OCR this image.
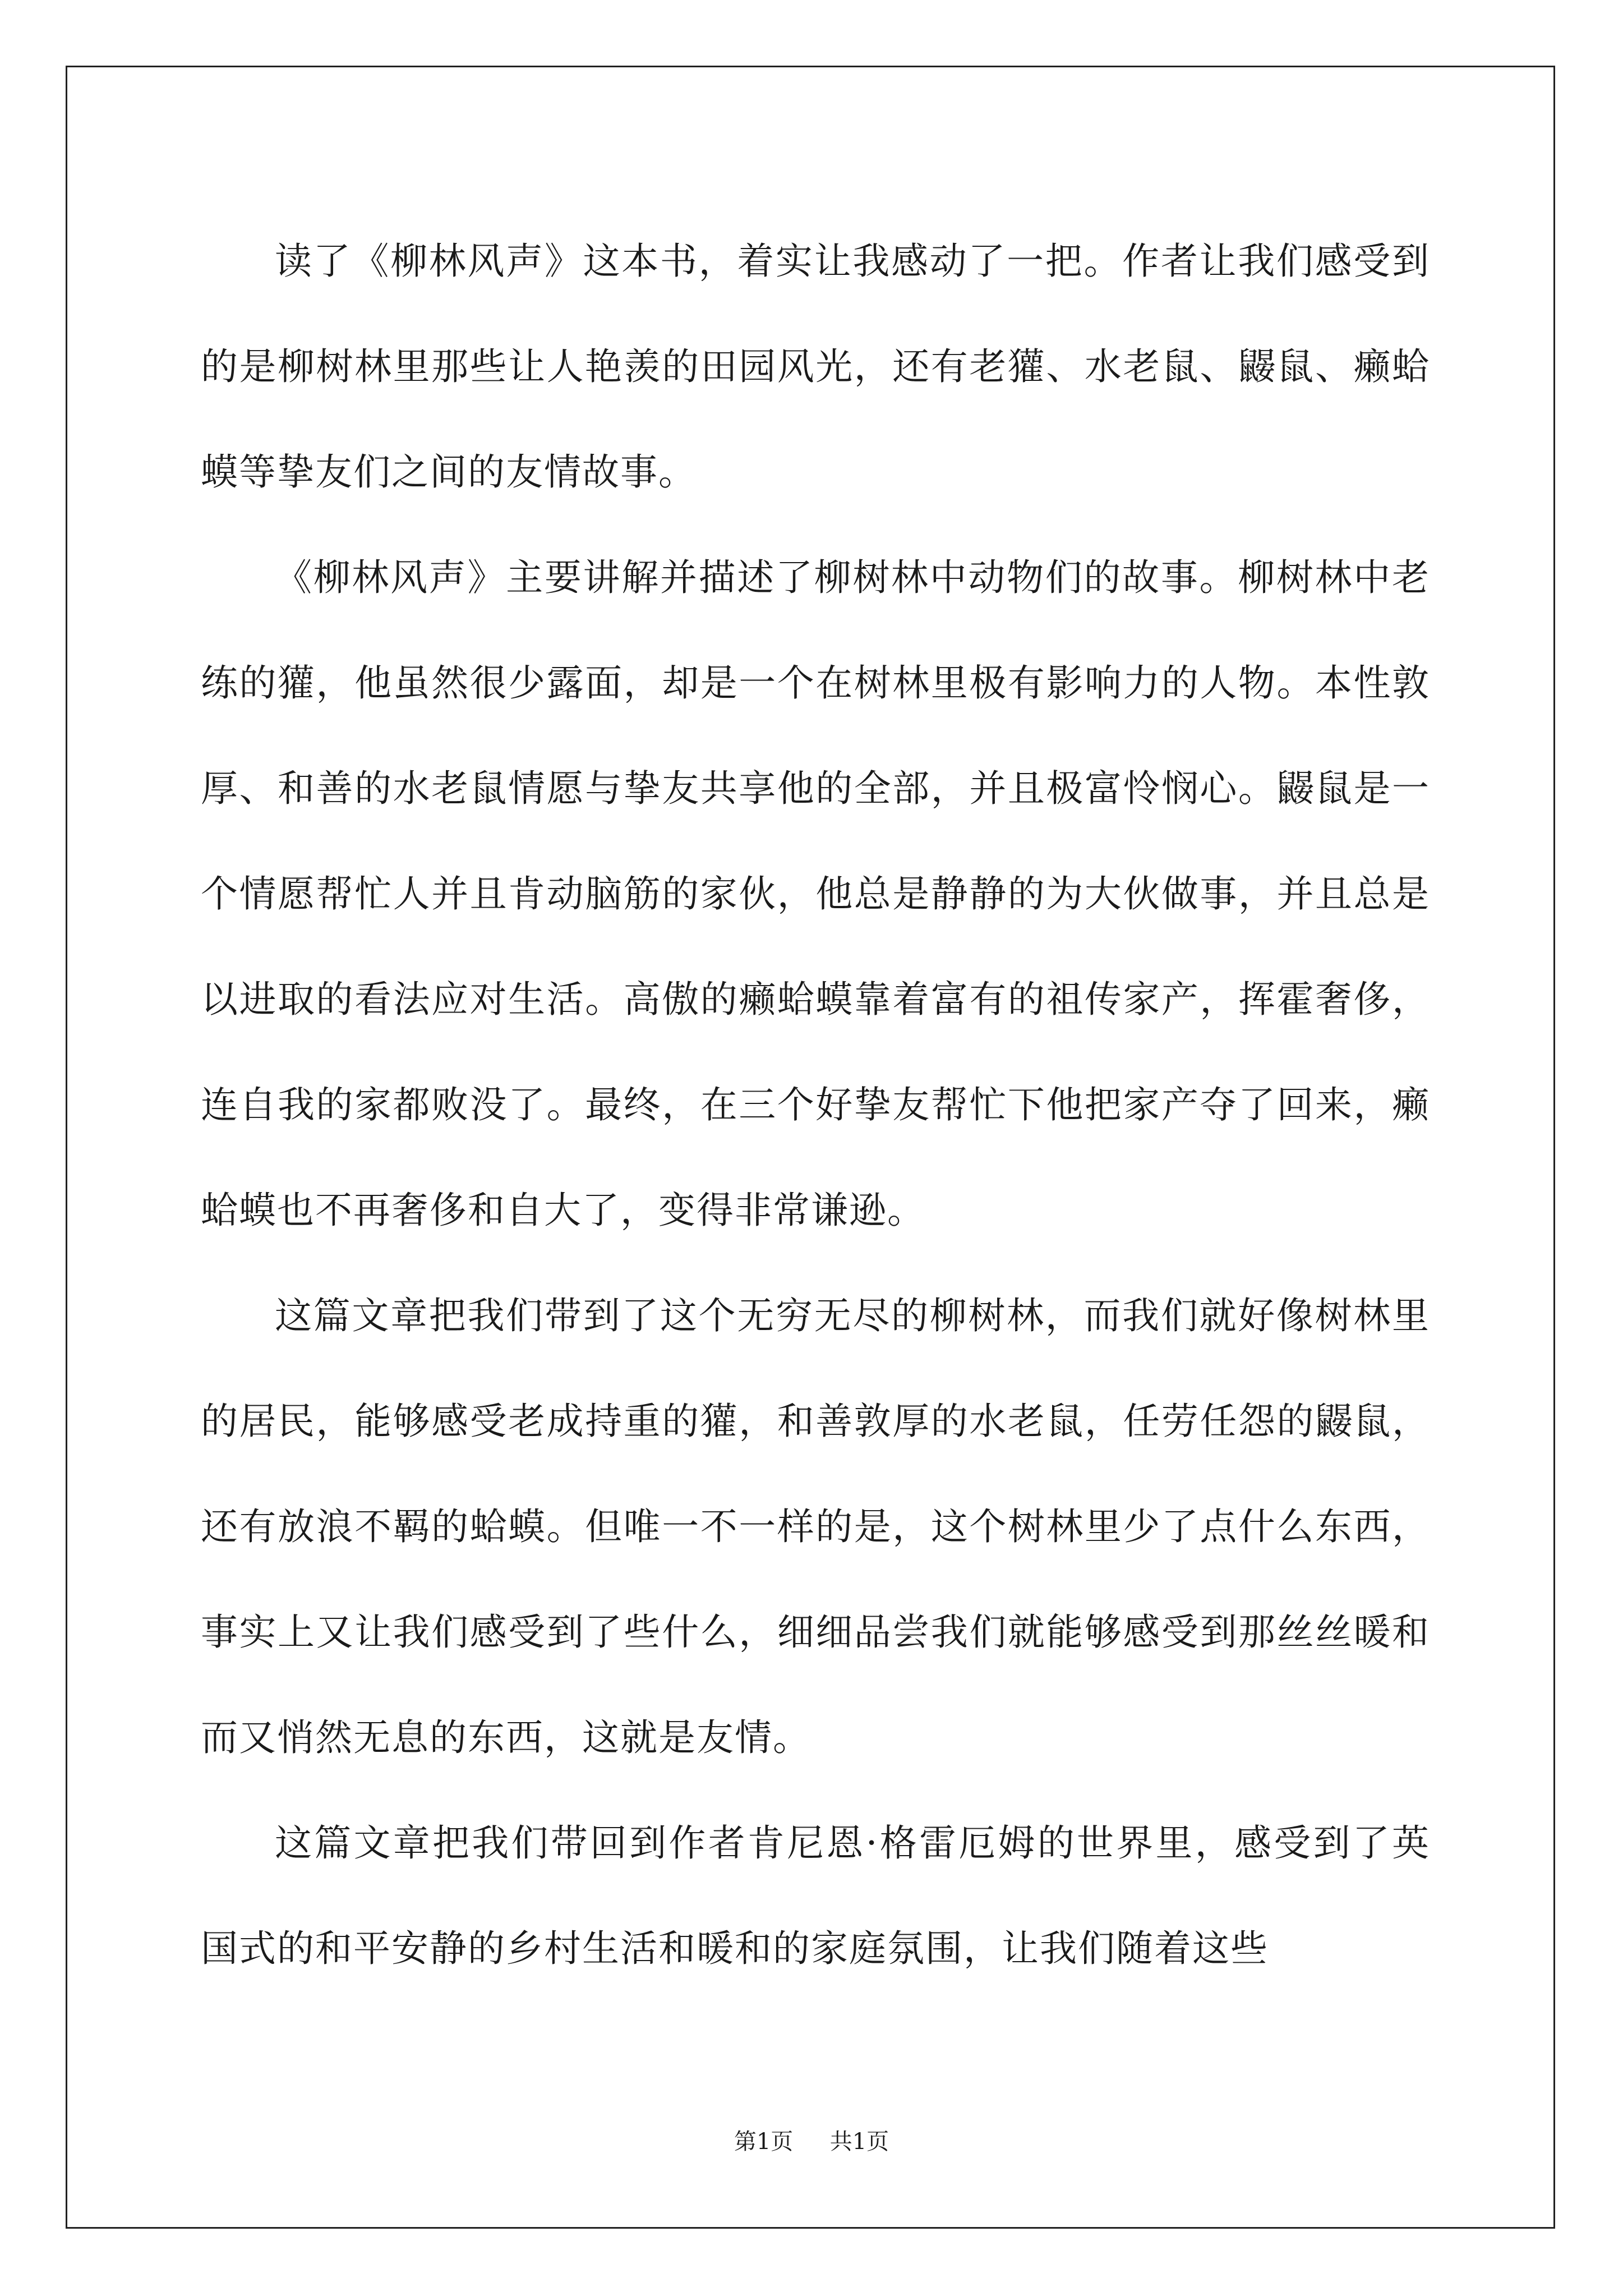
读了《柳林风声》这本书，着实让我感动了一把。作者让我们感受到的是柳树林里那些让人艳羡的田园风光，还有老獾、水老鼠、鼹鼠、癞蛤蟆等挚友们之间的友情故事。

《柳林风声》主要讲解并描述了柳树林中动物们的故事。柳树林中老练的獾，他虽然很少露面，却是一个在树林里极有影响力的人物。本性敦厚、和善的水老鼠情愿与挚友共享他的全部，并且极富怜悯心。鼹鼠是一个情愿帮忙人并且肯动脑筋的家伙，他总是静静的为大伙做事，并且总是以进取的看法应对生活。高傲的癞蛤蟆靠着富有的祖传家产，挥霍奢侈，连自我的家都败没了。最终，在三个好挚友帮忙下他把家产夺了回来，癞蛤蟆也不再奢侈和自大了，变得非常谦逊。

这篇文章把我们带到了这个无穷无尽的柳树林，而我们就好像树林里的居民，能够感受老成持重的獾，和善敦厚的水老鼠，任劳任怨的鼹鼠，还有放浪不羁的蛤蟆。但唯一不一样的是，这个树林里少了点什么东西，事实上又让我们感受到了些什么，细细品尝我们就能够感受到那丝丝暖和而又悄然无息的东西，这就是友情。

这篇文章把我们带回到作者肯尼恩·格雷厄姆的世界里，感受到了英国式的和平安静的乡村生活和暖和的家庭氛围，让我们随着这些

第1页 共1页
